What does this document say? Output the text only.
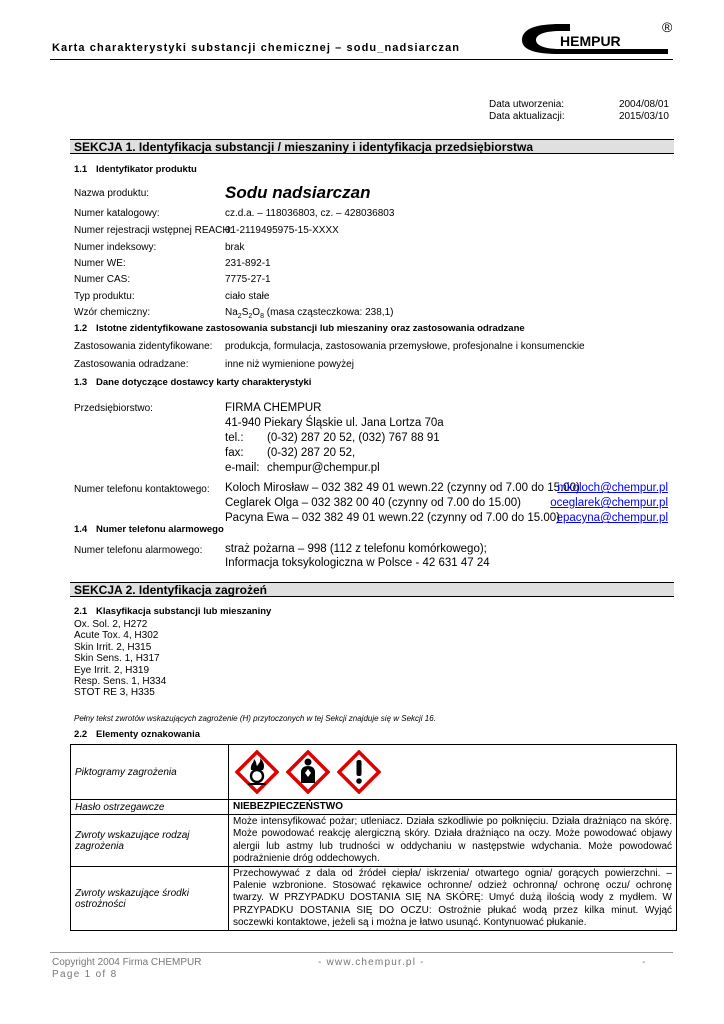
Karta charakterystyki substancji chemicznej – sodu_nadsiarczan	HEMPUR
®
Data utworzenia:	2004/08/01
Data aktualizacji:	2015/03/10
SEKCJA 1. Identyfikacja substancji / mieszaniny i identyfikacja przedsiębiorstwa
1.1 Identyfikator produktu
Nazwa produktu:	Sodu nadsiarczan
Numer katalogowy:	cz.d.a. – 118036803, cz. – 428036803
Numer rejestracji wstępnej REACH:
01-2119495975-15-XXXX
Numer indeksowy:	brak
Numer WE:	231-892-1
Numer CAS:	7775-27-1
Typ produktu:	ciało stałe
Wzór chemiczny:	$Na_2S_2O_8$ (masa cząsteczkowa: 238,1)
1.2 Istotne zidentyfikowane zastosowania substancji lub mieszaniny oraz zastosowania odradzane
Zastosowania zidentyfikowane: produkcja, formulacja, zastosowania przemysłowe, profesjonalne i konsumenckie
Zastosowania odradzane:	inne niż wymienione powyżej
1.3 Dane dotyczące dostawcy karty charakterystyki
Przedsiębiorstwo:	FIRMA CHEMPUR
41-940 Piekary Śląskie ul. Jana Lortza 70a
tel.: (0-32) 287 20 52, (032) 767 88 91
fax: (0-32) 287 20 52,
e-mail: chempur@chempur.pl
Numer telefonu kontaktowego: Koloch Mirosław – 032 382 49 01 wewn.22 (czynny od 7.00 do 15.00)
Ceglarek Olga – 032 382 00 40 (czynny od 7.00 do 15.00)
Pacyna Ewa – 032 382 49 01 wewn.22 (czynny od 7.00 do 15.00)
mkoloch@chempur.pl
oceglarek@chempur.pl
epacyna@chempur.pl
1.4 Numer telefonu alarmowego
Numer telefonu alarmowego: straż pożarna – 998 (112 z telefonu komórkowego);
Informacja toksykologiczna w Polsce - 42 631 47 24
SEKCJA 2. Identyfikacja zagrożeń
2.1 Klasyfikacja substancji lub mieszaniny
Ox. Sol. 2, H272
Acute Tox. 4, H302
Skin Irrit. 2, H315
Skin Sens. 1, H317
Eye Irrit. 2, H319
Resp. Sens. 1, H334
STOT RE 3, H335
Pełny tekst zwrotów wskazujących zagrożenie (H) przytoczonych w tej Sekcji znajduje się w Sekcji 16.
2.2 Elementy oznakowania
Piktogramy zagrożenia	
Hasło ostrzegawcze	NIEBEZPIECZEŃSTWO
Zwroty wskazujące rodzaj zagrożenia	Może intensyfikować pożar; utleniacz. Działa szkodliwie po połknięciu. Działa drażniąco na skórę. Może powodować reakcję alergiczną skóry. Działa drażniąco na oczy. Może powodować objawy alergii lub astmy lub trudności w oddychaniu w następstwie wdychania. Może powodować podrażnienie dróg oddechowych.
Zwroty wskazujące środki ostrożności	Przechowywać z dala od źródeł ciepła/ iskrzenia/ otwartego ognia/ gorących powierzchni. – Palenie wzbronione. Stosować rękawice ochronne/ odzież ochronną/ ochronę oczu/ ochronę twarzy. W PRZYPADKU DOSTANIA SIĘ NA SKÓRĘ: Umyć dużą ilością wody z mydłem. W PRZYPADKU DOSTANIA SIĘ DO OCZU: Ostrożnie płukać wodą przez kilka minut. Wyjąć soczewki kontaktowe, jeżeli są i można je łatwo usunąć. Kontynuować płukanie.
Copyright 2004 Firma CHEMPUR
Page 1 of 8
- www.chempur.pl -	-
